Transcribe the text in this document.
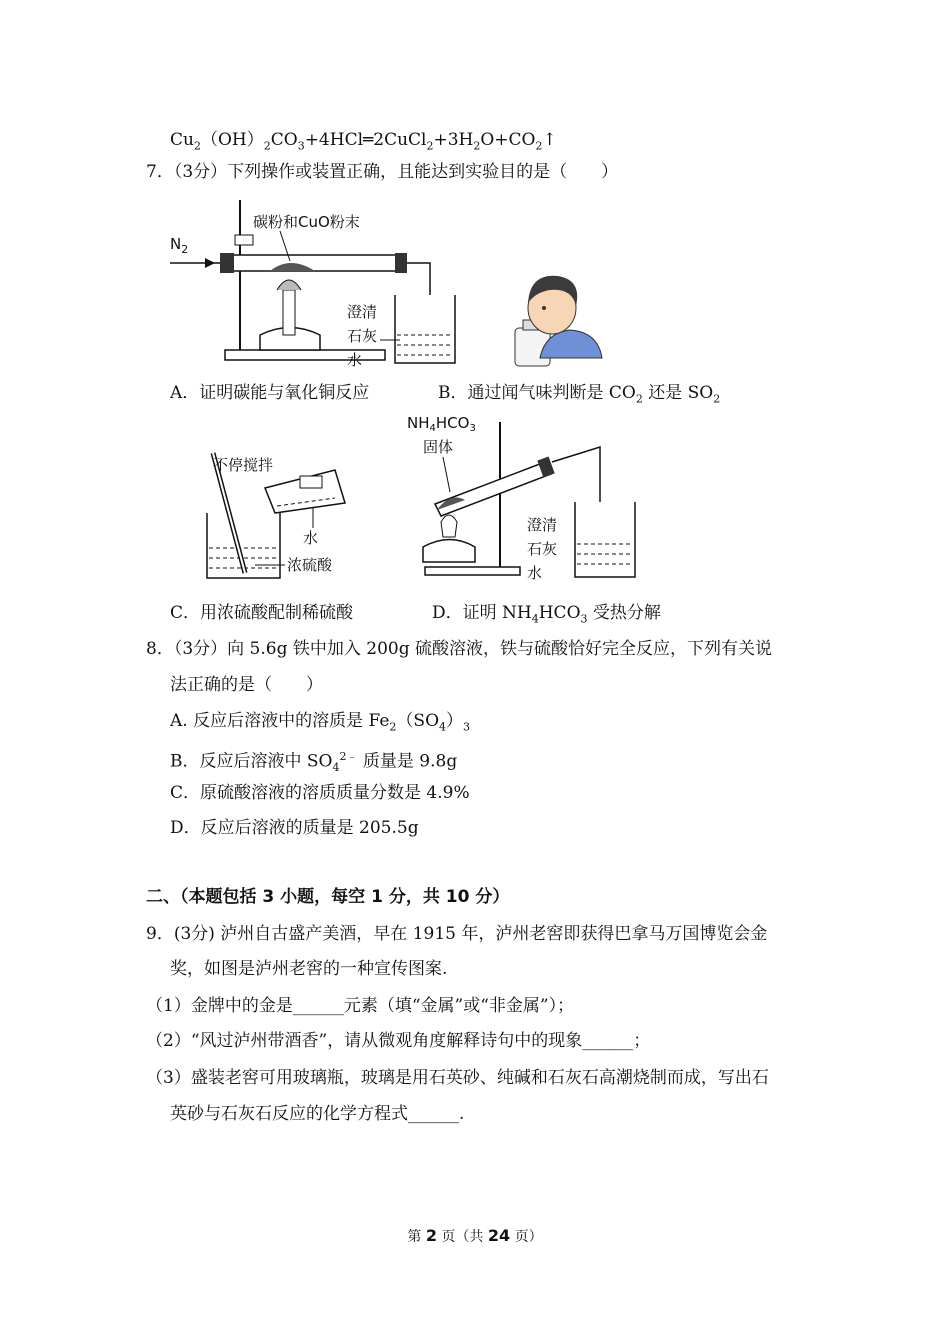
$Cu_2(OH)_2CO_3+4HCl═2CuCl_2+3H_2O+CO_2↑$
7．（3分）下列操作或装置正确，且能达到实验目的是（　　）
$N_2$
碳粉和CuO粉末
澄清
石灰
水
A．证明碳能与氧化铜反应	B．通过闻气味判断是 $CO_2$ 还是 $SO_2$
不停搅拌
水
浓硫酸
$NH_4HCO_3$
固体
澄清
石灰
水
C．用浓硫酸配制稀硫酸	D．证明 $NH_4HCO_3$ 受热分解
8．（3分）向 5.6g 铁中加入 200g 硫酸溶液，铁与硫酸恰好完全反应，下列有关说
法正确的是（　　）
A. 反应后溶液中的溶质是 $Fe_2(SO_4)_3$
B．反应后溶液中 $SO_4^{2﹣}$ 质量是 9.8g
C．原硫酸溶液的溶质质量分数是 4.9%
D．反应后溶液的质量是 205.5g
二、（本题包括 3 小题，每空 1 分，共 10 分）
9．(3分) 泸州自古盛产美酒，早在 1915 年，泸州老窖即获得巴拿马万国博览会金
奖，如图是泸州老窖的一种宣传图案.
（1）金牌中的金是______元素（填“金属”或“非金属”）；
（2）“风过泸州带酒香”，请从微观角度解释诗句中的现象______；
（3）盛装老窖可用玻璃瓶，玻璃是用石英砂、纯碱和石灰石高潮烧制而成，写出石
英砂与石灰石反应的化学方程式______.
第 2 页（共 24 页）
